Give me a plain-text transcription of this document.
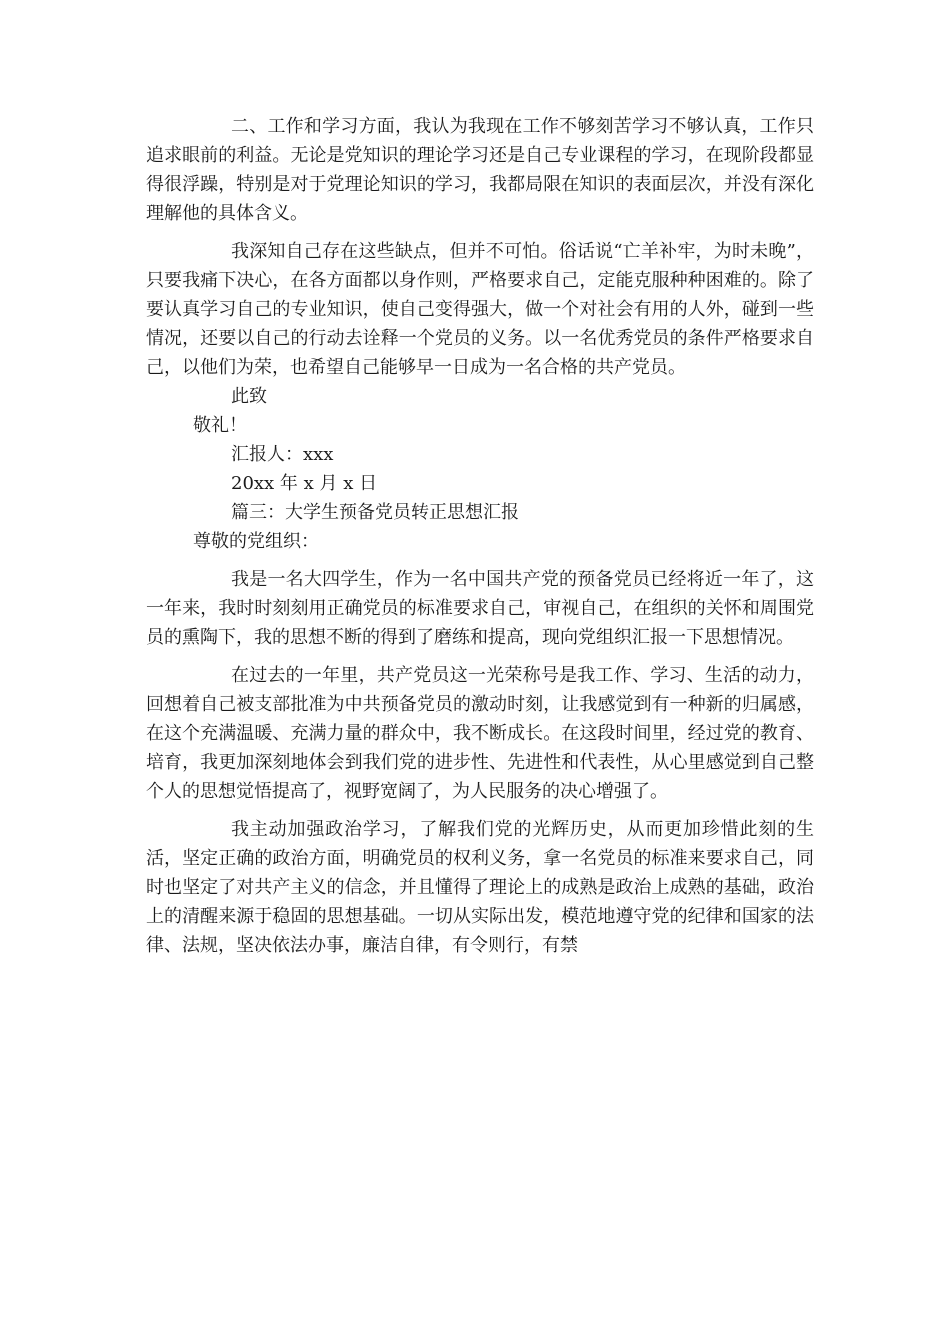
二、工作和学习方面，我认为我现在工作不够刻苦学习不够认真，工作只追求眼前的利益。无论是党知识的理论学习还是自己专业课程的学习，在现阶段都显得很浮躁，特别是对于党理论知识的学习，我都局限在知识的表面层次，并没有深化理解他的具体含义。

我深知自己存在这些缺点，但并不可怕。俗话说“亡羊补牢，为时未晚”，只要我痛下决心，在各方面都以身作则，严格要求自己，定能克服种种困难的。除了要认真学习自己的专业知识，使自己变得强大，做一个对社会有用的人外，碰到一些情况，还要以自己的行动去诠释一个党员的义务。以一名优秀党员的条件严格要求自己，以他们为荣，也希望自己能够早一日成为一名合格的共产党员。

此致

敬礼！

汇报人：xxx

20xx 年 x 月 x 日

篇三：大学生预备党员转正思想汇报

尊敬的党组织：

我是一名大四学生，作为一名中国共产党的预备党员已经将近一年了，这一年来，我时时刻刻用正确党员的标准要求自己，审视自己，在组织的关怀和周围党员的熏陶下，我的思想不断的得到了磨练和提高，现向党组织汇报一下思想情况。

在过去的一年里，共产党员这一光荣称号是我工作、学习、生活的动力，回想着自己被支部批准为中共预备党员的激动时刻，让我感觉到有一种新的归属感，在这个充满温暖、充满力量的群众中，我不断成长。在这段时间里，经过党的教育、培育，我更加深刻地体会到我们党的进步性、先进性和代表性，从心里感觉到自己整个人的思想觉悟提高了，视野宽阔了，为人民服务的决心增强了。

我主动加强政治学习，了解我们党的光辉历史，从而更加珍惜此刻的生活，坚定正确的政治方面，明确党员的权利义务，拿一名党员的标准来要求自己，同时也坚定了对共产主义的信念，并且懂得了理论上的成熟是政治上成熟的基础，政治上的清醒来源于稳固的思想基础。一切从实际出发，模范地遵守党的纪律和国家的法律、法规，坚决依法办事，廉洁自律，有令则行，有禁
